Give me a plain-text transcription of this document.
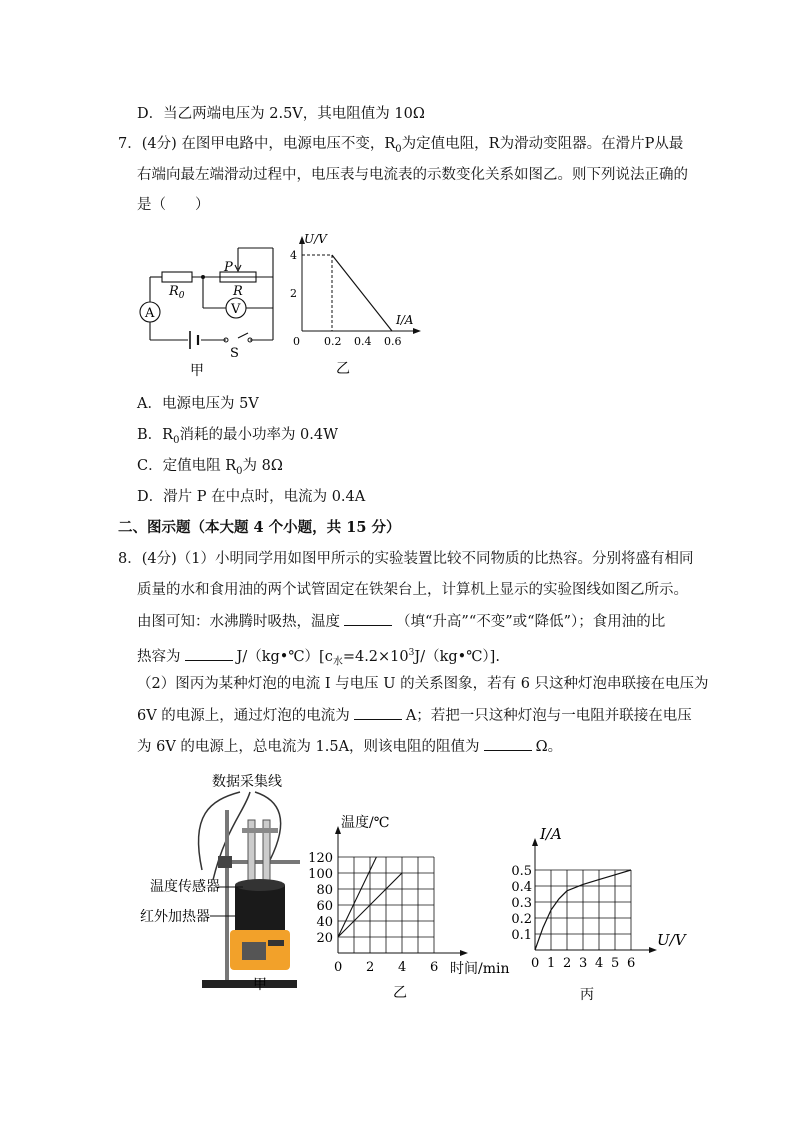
D．当乙两端电压为 2.5V，其电阻值为 10Ω
7．(4分) 在图甲电路中，电源电压不变，$R_0$为定值电阻，R为滑动变阻器。在滑片P从最
右端向最左端滑动过程中，电压表与电流表的示数变化关系如图乙。则下列说法正确的
是（　　）
A	V
$R_0$
P
R
S
甲
U/V
I/A
0
乙
2
4
0.2 0.4 0.6
A．电源电压为 5V
B．$R_0$消耗的最小功率为 0.4W
C．定值电阻 $R_0$为 8Ω
D．滑片 P 在中点时，电流为 0.4A
二、图示题（本大题 4 个小题，共 15 分）
8．(4分)（1）小明同学用如图甲所示的实验装置比较不同物质的比热容。分别将盛有相同
质量的水和食用油的两个试管固定在铁架台上，计算机上显示的实验图线如图乙所示。
由图可知：水沸腾时吸热，温度	（填“升高”“不变”或“降低”）；食用油的比
热容为	$J/(kg•℃)[c_水=4.2\times 10^3J/(kg•℃)]$.
（2）图丙为某种灯泡的电流 I 与电压 U 的关系图象，若有 6 只这种灯泡串联接在电压为
6V 的电源上，通过灯泡的电流为	A；若把一只这种灯泡与一电阻并联接在电压
为 6V 的电源上，总电流为 1.5A，则该电阻的阻值为	Ω。
数据采集线
温度传感器
红外加热器
甲
温度/℃
时间/min
乙
20
40
60
80
100
120
0 2 4 6
I/A
U/V
丙
0.1
0.2
0.3
0.4
0.5
0 1 2 3 4 5 6
